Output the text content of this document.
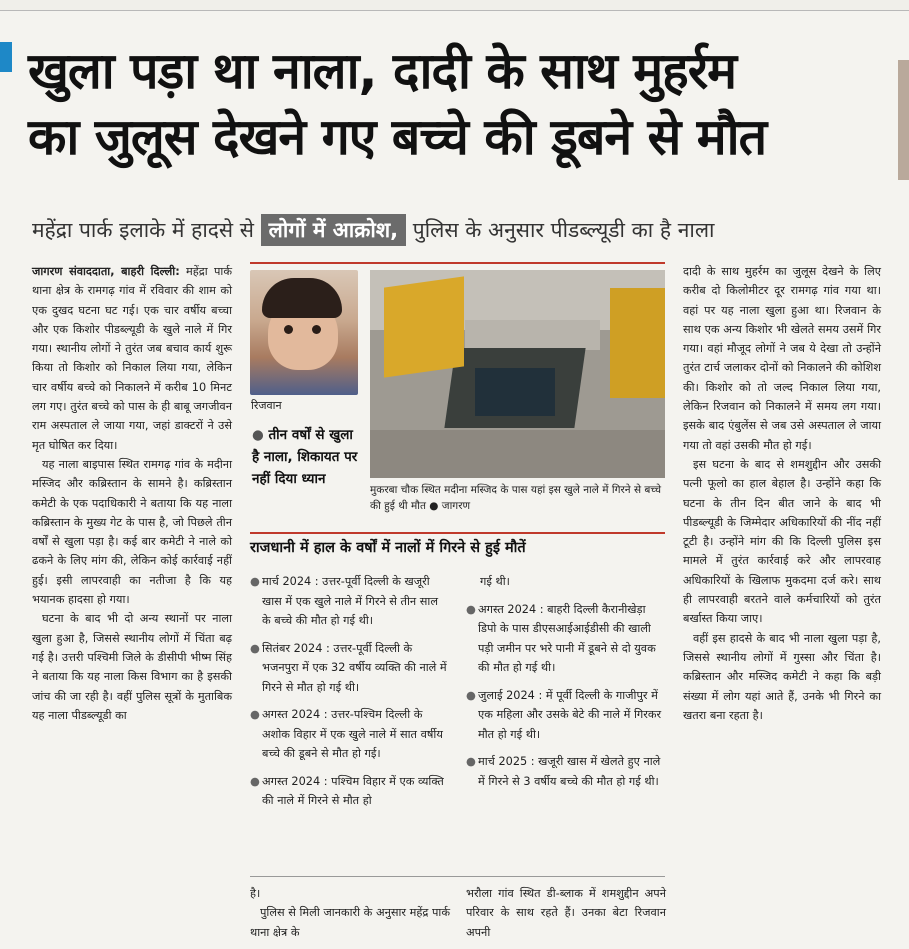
खुला पड़ा था नाला, दादी के साथ मुहर्रम
का जुलूस देखने गए बच्चे की डूबने से मौत
महेंद्रा पार्क इलाके में हादसे से लोगों में आक्रोश, पुलिस के अनुसार पीडब्ल्यूडी का है नाला

जागरण संवाददाता, बाहरी दिल्ली: महेंद्रा पार्क थाना क्षेत्र के रामगढ़ गांव में रविवार की शाम को एक दुखद घटना घट गई। एक चार वर्षीय बच्चा और एक किशोर पीडब्ल्यूडी के खुले नाले में गिर गया। स्थानीय लोगों ने तुरंत जब बचाव कार्य शुरू किया तो किशोर को निकाल लिया गया, लेकिन चार वर्षीय बच्चे को निकालने में करीब 10 मिनट लग गए। तुरंत बच्चे को पास के ही बाबू जगजीवन राम अस्पताल ले जाया गया, जहां डाक्टरों ने उसे मृत घोषित कर दिया।

यह नाला बाइपास स्थित रामगढ़ गांव के मदीना मस्जिद और कब्रिस्तान के सामने है। कब्रिस्तान कमेटी के एक पदाधिकारी ने बताया कि यह नाला कब्रिस्तान के मुख्य गेट के पास है, जो पिछले तीन वर्षों से खुला पड़ा है। कई बार कमेटी ने नाले को ढकने के लिए मांग की, लेकिन कोई कार्रवाई नहीं हुई। इसी लापरवाही का नतीजा है कि यह भयानक हादसा हो गया।

घटना के बाद भी दो अन्य स्थानों पर नाला खुला हुआ है, जिससे स्थानीय लोगों में चिंता बढ़ गई है। उत्तरी पश्चिमी जिले के डीसीपी भीष्म सिंह ने बताया कि यह नाला किस विभाग का है इसकी जांच की जा रही है। वहीं पुलिस सूत्रों के मुताबिक यह नाला पीडब्ल्यूडी का

रिजवान
● तीन वर्षों से खुला है नाला, शिकायत पर नहीं दिया ध्यान
मुकरबा चौक स्थित मदीना मस्जिद के पास यहां इस खुले नाले में गिरने से बच्चे की हुई थी मौत ● जागरण
राजधानी में हाल के वर्षों में नालों में गिरने से हुई मौतें
● मार्च 2024 : उत्तर-पूर्वी दिल्ली के खजूरी खास में एक खुले नाले में गिरने से तीन साल के बच्चे की मौत हो गई थी।
● सितंबर 2024 : उत्तर-पूर्वी दिल्ली के भजनपुरा में एक 32 वर्षीय व्यक्ति की नाले में गिरने से मौत हो गई थी।
● अगस्त 2024 : उत्तर-पश्चिम दिल्ली के अशोक विहार में एक खुले नाले में सात वर्षीय बच्चे की डूबने से मौत हो गई।
● अगस्त 2024 : पश्चिम विहार में एक व्यक्ति की नाले में गिरने से मौत हो
गई थी।
● अगस्त 2024 : बाहरी दिल्ली कैरानीखेड़ा डिपो के पास डीएसआईआईडीसी की खाली पड़ी जमीन पर भरे पानी में डूबने से दो युवक की मौत हो गई थी।
● जुलाई 2024 : में पूर्वी दिल्ली के गाजीपुर में एक महिला और उसके बेटे की नाले में गिरकर मौत हो गई थी।
● मार्च 2025 : खजूरी खास में खेलते हुए नाले में गिरने से 3 वर्षीय बच्चे की मौत हो गई थी।

है।

पुलिस से मिली जानकारी के अनुसार महेंद्र पार्क थाना क्षेत्र के

भरौला गांव स्थित डी-ब्लाक में शमशुद्दीन अपने परिवार के साथ रहते हैं। उनका बेटा रिजवान अपनी

दादी के साथ मुहर्रम का जुलूस देखने के लिए करीब दो किलोमीटर दूर रामगढ़ गांव गया था। वहां पर यह नाला खुला हुआ था। रिजवान के साथ एक अन्य किशोर भी खेलते समय उसमें गिर गया। वहां मौजूद लोगों ने जब ये देखा तो उन्होंने तुरंत टार्च जलाकर दोनों को निकालने की कोशिश की। किशोर को तो जल्द निकाल लिया गया, लेकिन रिजवान को निकालने में समय लग गया। इसके बाद एंबुलेंस से जब उसे अस्पताल ले जाया गया तो वहां उसकी मौत हो गई।

इस घटना के बाद से शमशुद्दीन और उसकी पत्नी फूलो का हाल बेहाल है। उन्होंने कहा कि घटना के तीन दिन बीत जाने के बाद भी पीडब्ल्यूडी के जिम्मेदार अधिकारियों की नींद नहीं टूटी है। उन्होंने मांग की कि दिल्ली पुलिस इस मामले में तुरंत कार्रवाई करे और लापरवाह अधिकारियों के खिलाफ मुकदमा दर्ज करे। साथ ही लापरवाही बरतने वाले कर्मचारियों को तुरंत बर्खास्त किया जाए।

वहीं इस हादसे के बाद भी नाला खुला पड़ा है, जिससे स्थानीय लोगों में गुस्सा और चिंता है। कब्रिस्तान और मस्जिद कमेटी ने कहा कि बड़ी संख्या में लोग यहां आते हैं, उनके भी गिरने का खतरा बना रहता है।
